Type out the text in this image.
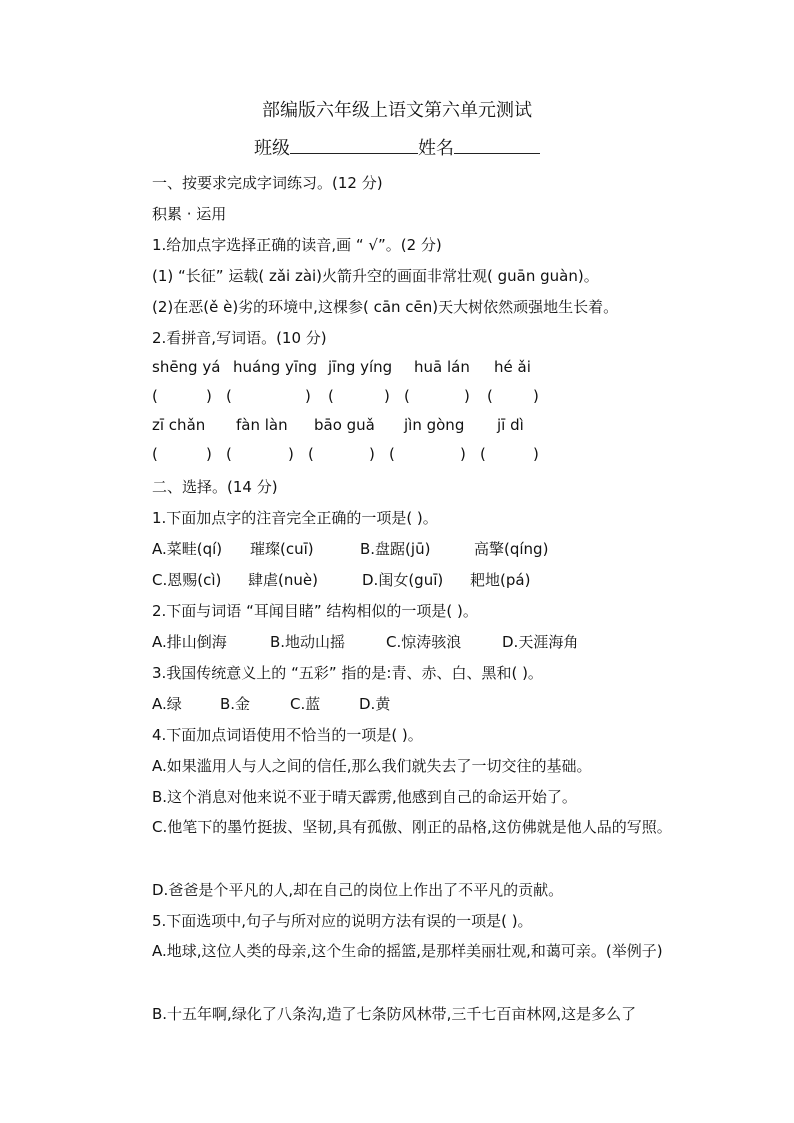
部编版六年级上语文第六单元测试
班级	姓名
一、按要求完成字词练习。(12 分)
积累 · 运用
1.给加点字选择正确的读音,画 “ √”。(2 分)
(1) “长征” 运载( zǎi zài)火箭升空的画面非常壮观( guān guàn)。
(2)在恶(ě è)劣的环境中,这棵参( cān cēn)天大树依然顽强地生长着。
2.看拼音,写词语。(10 分)
shēng yá huáng yīng jīng yíng huā lán hé ǎi
(	) (	) (	) (	) (	)
zī chǎn fàn làn bāo guǎ jìn gòng jī dì
(	) (	) (	) (	) (	)
二、选择。(14 分)
1.下面加点字的注音完全正确的一项是( )。
A.菜畦(qí) 璀璨(cuī)	B.盘踞(jū)	高擎(qíng)
C.恩赐(cì) 肆虐(nuè)	D.闺女(guī) 耙地(pá)
2.下面与词语 “耳闻目睹” 结构相似的一项是( )。
A.排山倒海	B.地动山摇	C.惊涛骇浪	D.天涯海角
3.我国传统意义上的 “五彩” 指的是:青、赤、白、黑和( )。
A.绿	B.金	C.蓝	D.黄
4.下面加点词语使用不恰当的一项是( )。
A.如果滥用人与人之间的信任,那么我们就失去了一切交往的基础。
B.这个消息对他来说不亚于晴天霹雳,他感到自己的命运开始了。
C.他笔下的墨竹挺拔、坚韧,具有孤傲、刚正的品格,这仿佛就是他人品的写照。
D.爸爸是个平凡的人,却在自己的岗位上作出了不平凡的贡献。
5.下面选项中,句子与所对应的说明方法有误的一项是( )。
A.地球,这位人类的母亲,这个生命的摇篮,是那样美丽壮观,和蔼可亲。(举例子)
B.十五年啊,绿化了八条沟,造了七条防风林带,三千七百亩林网,这是多么了
